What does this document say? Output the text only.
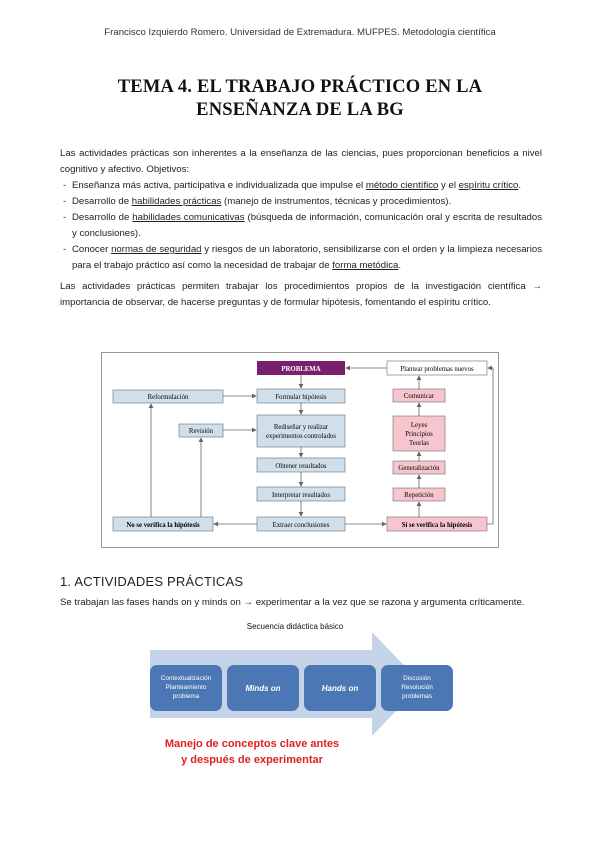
Francisco Izquierdo Romero. Universidad de Extremadura. MUFPES. Metodología científica
TEMA 4. EL TRABAJO PRÁCTICO EN LA
ENSEÑANZA DE LA BG
Las actividades prácticas son inherentes a la enseñanza de las ciencias, pues proporcionan beneficios a nivel cognitivo y afectivo. Objetivos:
- Enseñanza más activa, participativa e individualizada que impulse el método científico y el espíritu crítico.
- Desarrollo de habilidades prácticas (manejo de instrumentos, técnicas y procedimientos).
- Desarrollo de habilidades comunicativas (búsqueda de información, comunicación oral y escrita de resultados y conclusiones).
- Conocer normas de seguridad y riesgos de un laboratorio, sensibilizarse con el orden y la limpieza necesarios para el trabajo práctico así como la necesidad de trabajar de forma metódica.
Las actividades prácticas permiten trabajar los procedimientos propios de la investigación científica → importancia de observar, de hacerse preguntas y de formular hipótesis, fomentando el espíritu crítico.
PROBLEMA
Formular hipótesis
Rediseñar y realizar
experimentos controlados
Obtener resultados
Interpretar resultados
Extraer conclusiones
Reformulación
Revisión
No se verifica la hipótesis
Plantear problemas nuevos
Comunicar
Leyes
Principios
Teorías
Generalización
Repetición
Sí se verifica la hipótesis
1. ACTIVIDADES PRÁCTICAS
Se trabajan las fases hands on y minds on → experimentar a la vez que se razona y argumenta críticamente.
Secuencia didáctica básico
Contextualización
Planteamiento
problema
Minds on	Hands on
Discusión
Resolución
problemas
Manejo de conceptos clave antes
y después de experimentar
